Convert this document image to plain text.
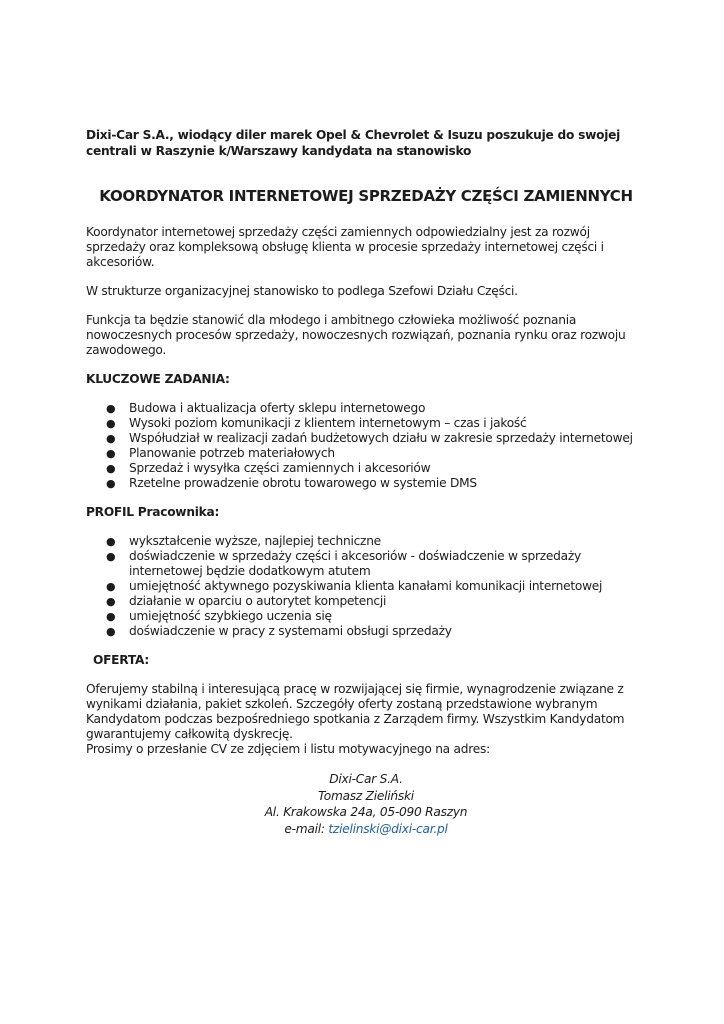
Dixi-Car S.A., wiodący diler marek Opel & Chevrolet & Isuzu poszukuje do swojej centrali w Raszynie k/Warszawy kandydata na stanowisko

KOORDYNATOR INTERNETOWEJ SPRZEDAŻY CZĘŚCI ZAMIENNYCH

Koordynator internetowej sprzedaży części zamiennych odpowiedzialny jest za rozwój sprzedaży oraz kompleksową obsługę klienta w procesie sprzedaży internetowej części i akcesoriów.

W strukturze organizacyjnej stanowisko to podlega Szefowi Działu Części.

Funkcja ta będzie stanowić dla młodego i ambitnego człowieka możliwość poznania nowoczesnych procesów sprzedaży, nowoczesnych rozwiązań, poznania rynku oraz rozwoju zawodowego.

KLUCZOWE ZADANIA:

● Budowa i aktualizacja oferty sklepu internetowego
● Wysoki poziom komunikacji z klientem internetowym – czas i jakość
● Współudział w realizacji zadań budżetowych działu w zakresie sprzedaży internetowej
● Planowanie potrzeb materiałowych
● Sprzedaż i wysyłka części zamiennych i akcesoriów
● Rzetelne prowadzenie obrotu towarowego w systemie DMS

PROFIL Pracownika:

● wykształcenie wyższe, najlepiej techniczne
● doświadczenie w sprzedaży części i akcesoriów - doświadczenie w sprzedaży internetowej będzie dodatkowym atutem
● umiejętność aktywnego pozyskiwania klienta kanałami komunikacji internetowej
● działanie w oparciu o autorytet kompetencji
● umiejętność szybkiego uczenia się
● doświadczenie w pracy z systemami obsługi sprzedaży

OFERTA:

Oferujemy stabilną i interesującą pracę w rozwijającej się firmie, wynagrodzenie związane z wynikami działania, pakiet szkoleń. Szczegóły oferty zostaną przedstawione wybranym Kandydatom podczas bezpośredniego spotkania z Zarządem firmy. Wszystkim Kandydatom gwarantujemy całkowitą dyskrecję.

Prosimy o przesłanie CV ze zdjęciem i listu motywacyjnego na adres:

Dixi-Car S.A.
Tomasz Zieliński
Al. Krakowska 24a, 05-090 Raszyn
e-mail: tzielinski@dixi-car.pl
